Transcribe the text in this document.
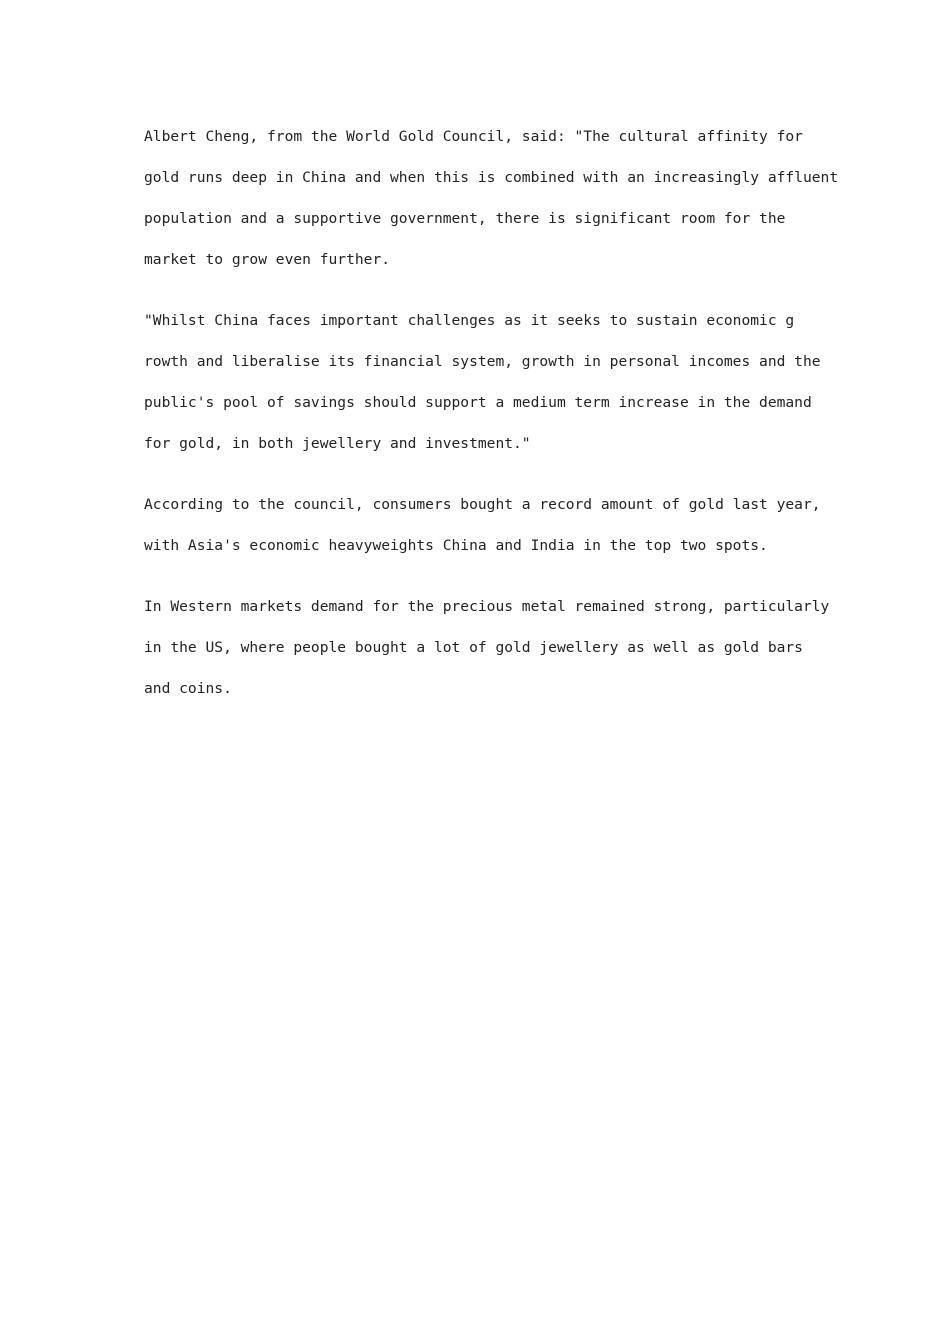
Albert Cheng, from the World Gold Council, said: "The cultural affinity for
gold runs deep in China and when this is combined with an increasingly affluent
population and a supportive government, there is significant room for the
market to grow even further.

"Whilst China faces important challenges as it seeks to sustain economic g
rowth and liberalise its financial system, growth in personal incomes and the
public's pool of savings should support a medium term increase in the demand
for gold, in both jewellery and investment."

According to the council, consumers bought a record amount of gold last year,
with Asia's economic heavyweights China and India in the top two spots.

In Western markets demand for the precious metal remained strong, particularly
in the US, where people bought a lot of gold jewellery as well as gold bars
and coins.
